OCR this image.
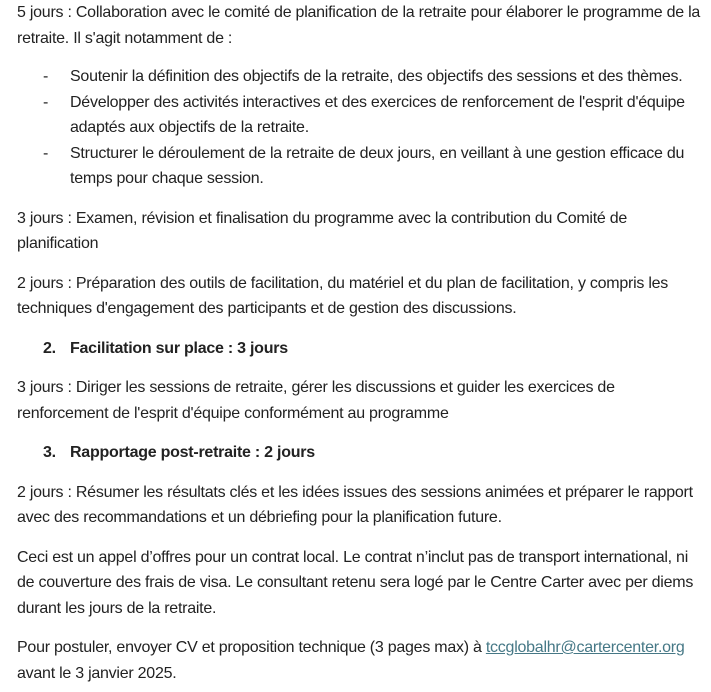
5 jours : Collaboration avec le comité de planification de la retraite pour élaborer le programme de la retraite. Il s'agit notamment de :

- Soutenir la définition des objectifs de la retraite, des objectifs des sessions et des thèmes.
- Développer des activités interactives et des exercices de renforcement de l'esprit d'équipe adaptés aux objectifs de la retraite.
- Structurer le déroulement de la retraite de deux jours, en veillant à une gestion efficace du temps pour chaque session.

3 jours : Examen, révision et finalisation du programme avec la contribution du Comité de planification

2 jours : Préparation des outils de facilitation, du matériel et du plan de facilitation, y compris les techniques d'engagement des participants et de gestion des discussions.

2. Facilitation sur place : 3 jours

3 jours : Diriger les sessions de retraite, gérer les discussions et guider les exercices de renforcement de l'esprit d'équipe conformément au programme

3. Rapportage post-retraite : 2 jours

2 jours : Résumer les résultats clés et les idées issues des sessions animées et préparer le rapport avec des recommandations et un débriefing pour la planification future.

Ceci est un appel d’offres pour un contrat local. Le contrat n’inclut pas de transport international, ni de couverture des frais de visa. Le consultant retenu sera logé par le Centre Carter avec per diems durant les jours de la retraite.

Pour postuler, envoyer CV et proposition technique (3 pages max) à tccglobalhr@cartercenter.org
avant le 3 janvier 2025.
